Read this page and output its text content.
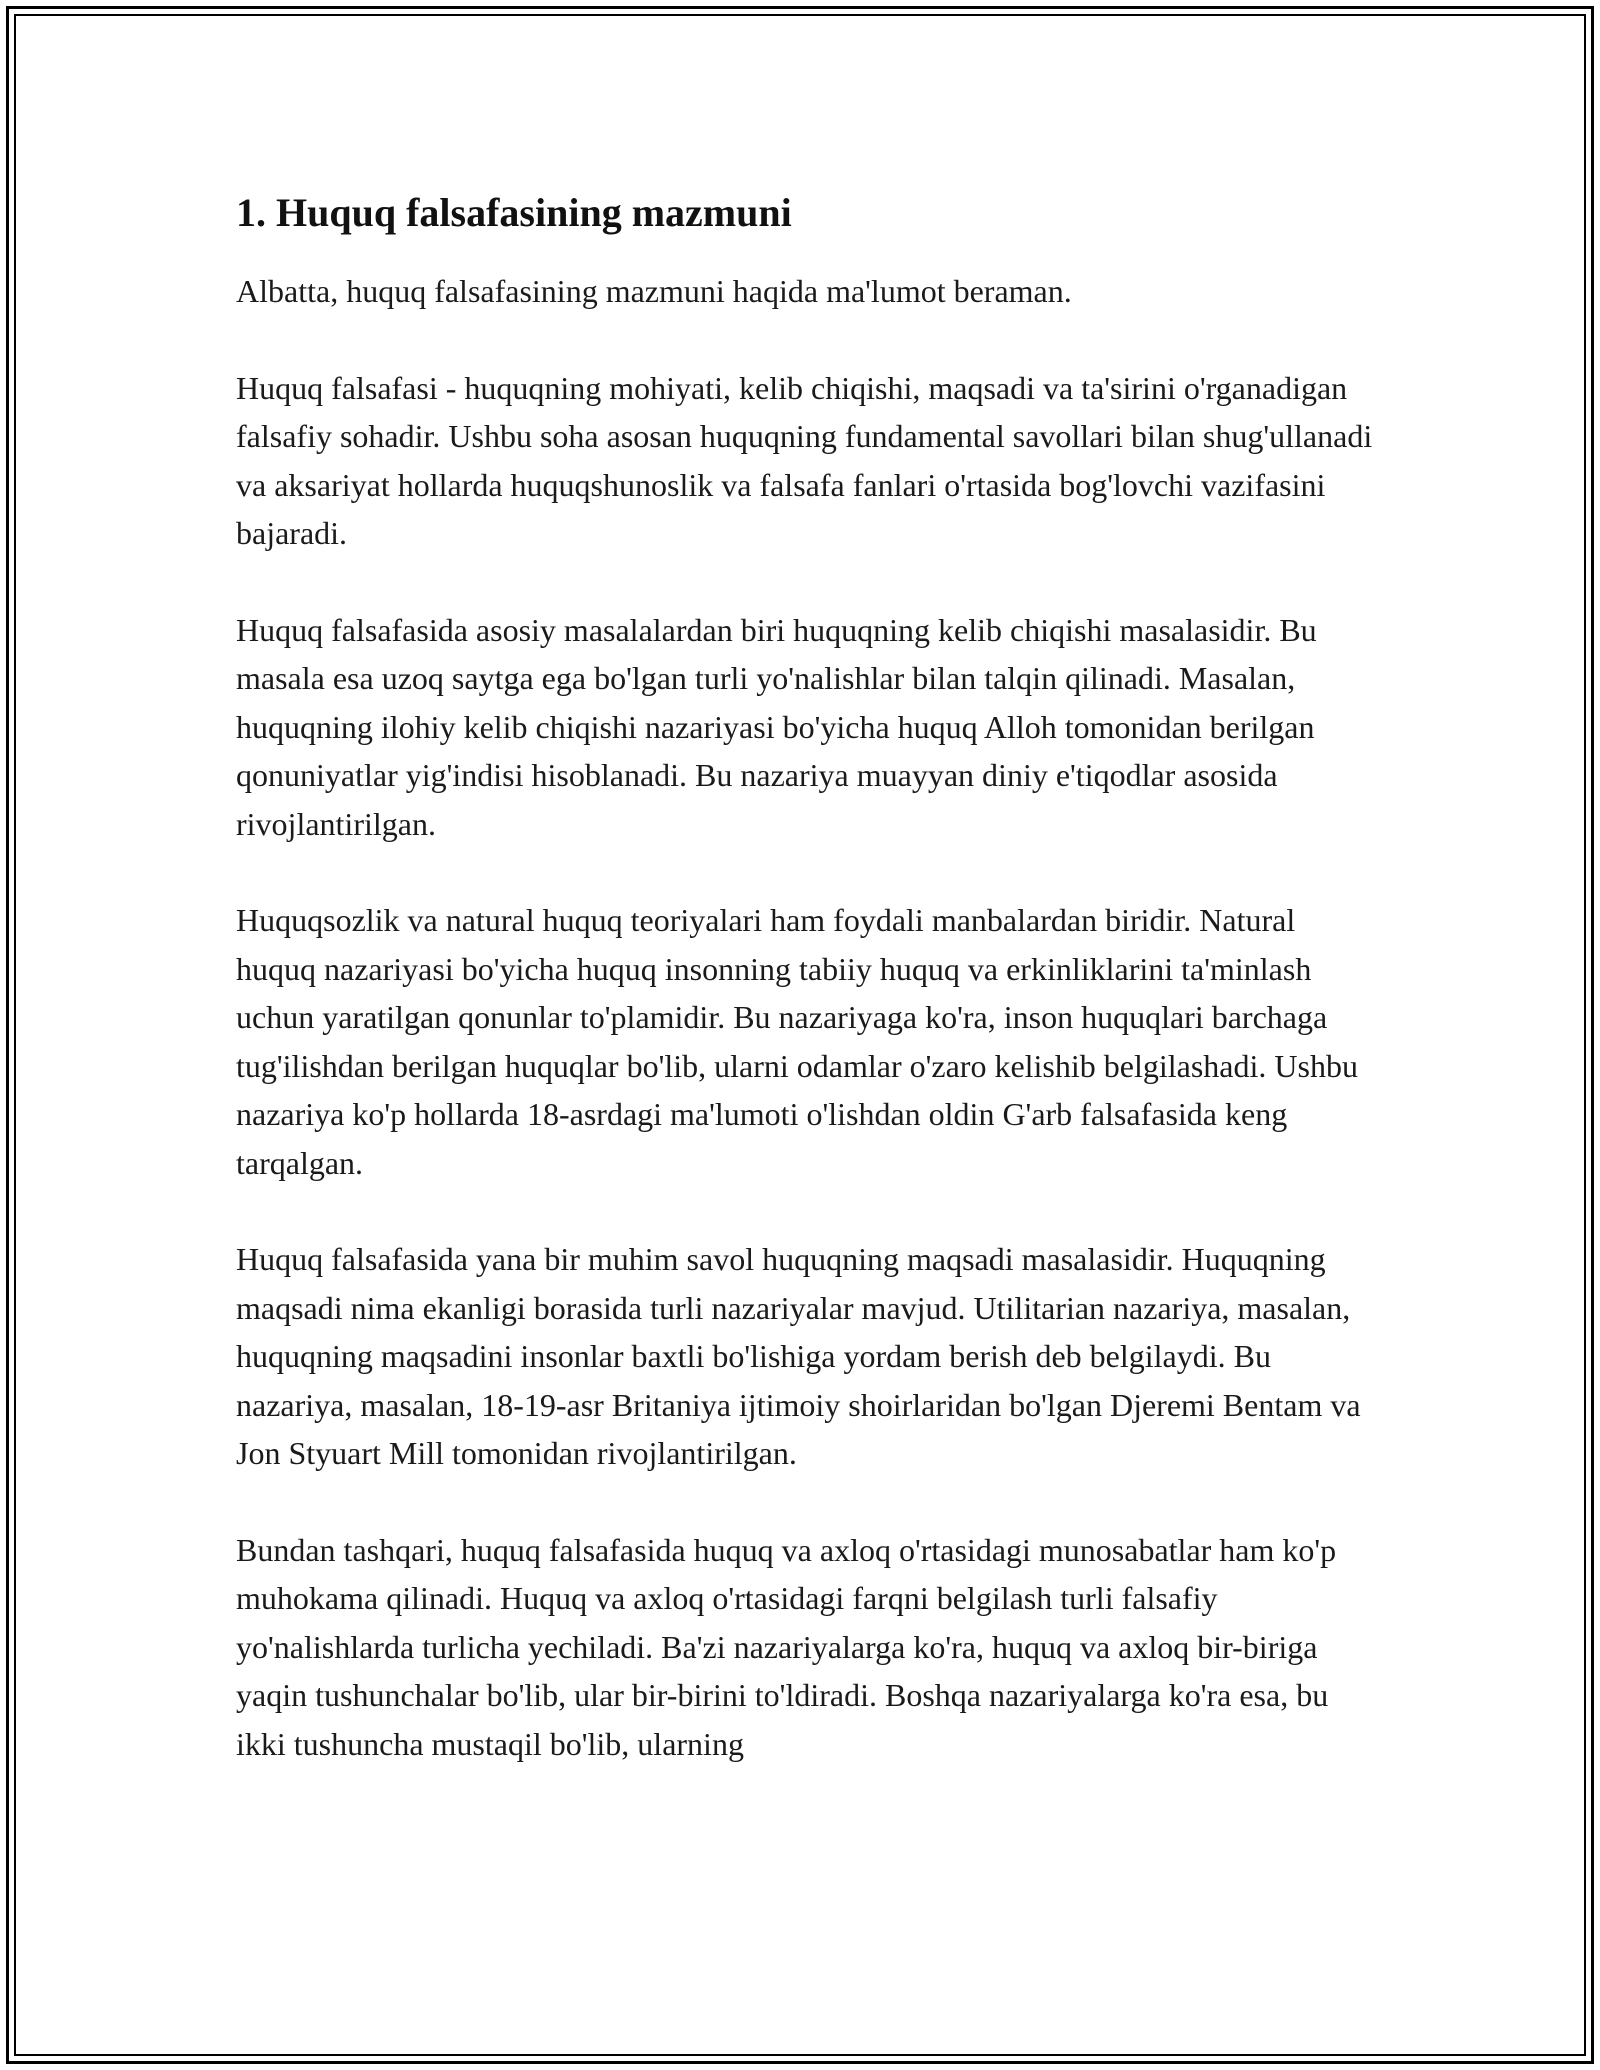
1. Huquq falsafasining mazmuni

Albatta, huquq falsafasining mazmuni haqida ma'lumot beraman.

Huquq falsafasi - huquqning mohiyati, kelib chiqishi, maqsadi va ta'sirini o'rganadigan falsafiy sohadir. Ushbu soha asosan huquqning fundamental savollari bilan shug'ullanadi va aksariyat hollarda huquqshunoslik va falsafa fanlari o'rtasida bog'lovchi vazifasini bajaradi.

Huquq falsafasida asosiy masalalardan biri huquqning kelib chiqishi masalasidir. Bu masala esa uzoq saytga ega bo'lgan turli yo'nalishlar bilan talqin qilinadi. Masalan, huquqning ilohiy kelib chiqishi nazariyasi bo'yicha huquq Alloh tomonidan berilgan qonuniyatlar yig'indisi hisoblanadi. Bu nazariya muayyan diniy e'tiqodlar asosida rivojlantirilgan.

Huquqsozlik va natural huquq teoriyalari ham foydali manbalardan biridir. Natural huquq nazariyasi bo'yicha huquq insonning tabiiy huquq va erkinliklarini ta'minlash uchun yaratilgan qonunlar to'plamidir. Bu nazariyaga ko'ra, inson huquqlari barchaga tug'ilishdan berilgan huquqlar bo'lib, ularni odamlar o'zaro kelishib belgilashadi. Ushbu nazariya ko'p hollarda 18-asrdagi ma'lumoti o'lishdan oldin G'arb falsafasida keng tarqalgan.

Huquq falsafasida yana bir muhim savol huquqning maqsadi masalasidir. Huquqning maqsadi nima ekanligi borasida turli nazariyalar mavjud. Utilitarian nazariya, masalan, huquqning maqsadini insonlar baxtli bo'lishiga yordam berish deb belgilaydi. Bu nazariya, masalan, 18-19-asr Britaniya ijtimoiy shoirlaridan bo'lgan Djeremi Bentam va Jon Styuart Mill tomonidan rivojlantirilgan.

Bundan tashqari, huquq falsafasida huquq va axloq o'rtasidagi munosabatlar ham ko'p muhokama qilinadi. Huquq va axloq o'rtasidagi farqni belgilash turli falsafiy yo'nalishlarda turlicha yechiladi. Ba'zi nazariyalarga ko'ra, huquq va axloq bir-biriga yaqin tushunchalar bo'lib, ular bir-birini to'ldiradi. Boshqa nazariyalarga ko'ra esa, bu ikki tushuncha mustaqil bo'lib, ularning
